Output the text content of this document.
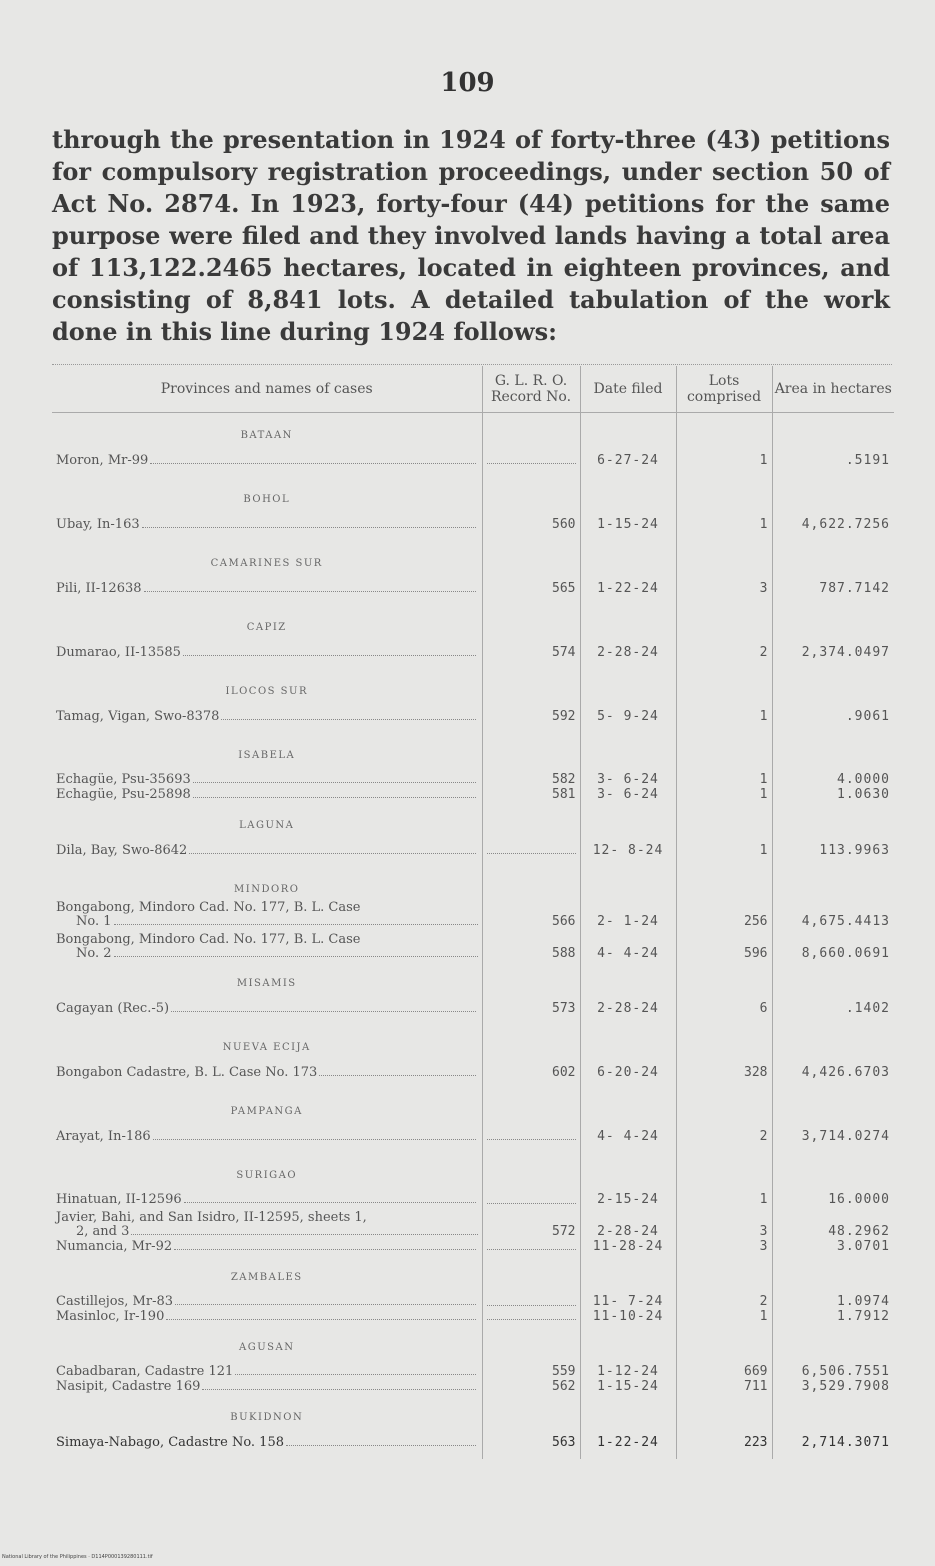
109
through the presentation in 1924 of forty-three (43) petitions for compulsory registration proceedings, under section 50 of Act No. 2874. In 1923, forty-four (44) petitions for the same purpose were filed and they involved lands having a total area of 113,122.2465 hectares, located in eighteen provinces, and consisting of 8,841 lots. A detailed tabulation of the work done in this line during 1924 follows:
Provinces and names of cases	G. L. R. O. Record No.	Date filed	Lots comprised	Area in hectares
BATAAN				

Moron, Mr-99		6-27-24	1	.5191
BOHOL				

Ubay, In-163	560	1-15-24	1	4,622.7256
CAMARINES SUR				

Pili, II-12638	565	1-22-24	3	787.7142
CAPIZ				

Dumarao, II-13585	574	2-28-24	2	2,374.0497
ILOCOS SUR				

Tamag, Vigan, Swo-8378	592	5- 9-24	1	.9061
ISABELA				

Echagüe, Psu-35693	582	3- 6-24	1	4.0000

Echagüe, Psu-25898	581	3- 6-24	1	1.0630
LAGUNA				

Dila, Bay, Swo-8642		12- 8-24	1	113.9963
MINDORO				

Bongabong, Mindoro Cad. No. 177, B. L. Case
No. 1	566	2- 1-24	256	4,675.4413

Bongabong, Mindoro Cad. No. 177, B. L. Case
No. 2	588	4- 4-24	596	8,660.0691
MISAMIS				

Cagayan (Rec.-5)	573	2-28-24	6	.1402
NUEVA ECIJA				

Bongabon Cadastre, B. L. Case No. 173	602	6-20-24	328	4,426.6703
PAMPANGA				

Arayat, In-186		4- 4-24	2	3,714.0274
SURIGAO				

Hinatuan, II-12596		2-15-24	1	16.0000

Javier, Bahi, and San Isidro, II-12595, sheets 1,
2, and 3	572	2-28-24	3	48.2962

Numancia, Mr-92		11-28-24	3	3.0701
ZAMBALES				

Castillejos, Mr-83		11- 7-24	2	1.0974

Masinloc, Ir-190		11-10-24	1	1.7912
AGUSAN				

Cabadbaran, Cadastre 121	559	1-12-24	669	6,506.7551

Nasipit, Cadastre 169	562	1-15-24	711	3,529.7908
BUKIDNON				

Simaya-Nabago, Cadastre No. 158	563	1-22-24	223	2,714.3071
National Library of the Philippines · D114P000139280111.tif
